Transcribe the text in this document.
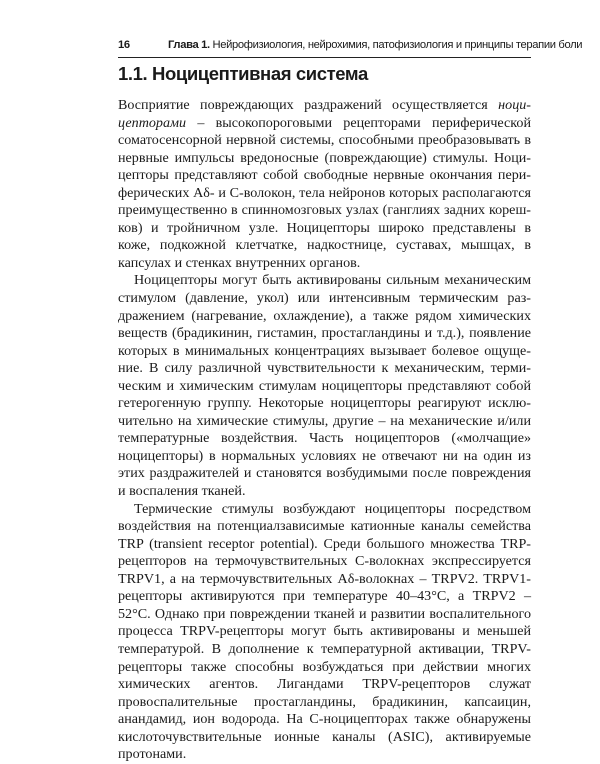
16	Глава 1. Нейрофизиология, нейрохимия, патофизиология и принципы терапии боли
1.1. Ноцицептивная система

Восприятие повреждающих раздражений осуществляется ноцицепторами – высокопороговыми рецепторами периферической соматосенсорной нервной системы, способными преобразовывать в нервные импульсы вредоносные (повреждающие) стимулы. Ноцицепторы представляют собой свободные нервные окончания периферических Aδ- и C-волокон, тела нейронов которых располагаются преимущественно в спинномозговых узлах (ганглиях задних корешков) и тройничном узле. Ноцицепторы широко представлены в коже, подкожной клетчатке, надкостнице, суставах, мышцах, в капсулах и стенках внутренних органов.

Ноцицепторы могут быть активированы сильным механическим стимулом (давление, укол) или интенсивным термическим раздражением (нагревание, охлаждение), а также рядом химических веществ (брадикинин, гистамин, простагландины и т.д.), появление которых в минимальных концентрациях вызывает болевое ощущение. В силу различной чувствительности к механическим, термическим и химическим стимулам ноцицепторы представляют собой гетерогенную группу. Некоторые ноцицепторы реагируют исключительно на химические стимулы, другие – на механические и/или температурные воздействия. Часть ноцицепторов («молчащие» ноцицепторы) в нормальных условиях не отвечают ни на один из этих раздражителей и становятся возбудимыми после повреждения и воспаления тканей.

Термические стимулы возбуждают ноцицепторы посредством воздействия на потенциалзависимые катионные каналы семейства TRP (transient receptor potential). Среди большого множества TRP-рецепторов на термочувствительных C-волокнах экспрессируется TRPV1, а на термочувствительных Aδ-волокнах – TRPV2. TRPV1-рецепторы активируются при температуре 40–43°С, а TRPV2 – 52°С. Однако при повреждении тканей и развитии воспалительного процесса TRPV-рецепторы могут быть активированы и меньшей температурой. В дополнение к температурной активации, TRPV-рецепторы также способны возбуждаться при действии многих химических агентов. Лигандами TRPV-рецепторов служат провоспалительные простагландины, брадикинин, капсаицин, анандамид, ион водорода. На C-ноцицепторах также обнаружены кислоточувствительные ионные каналы (ASIC), активируемые протонами.
